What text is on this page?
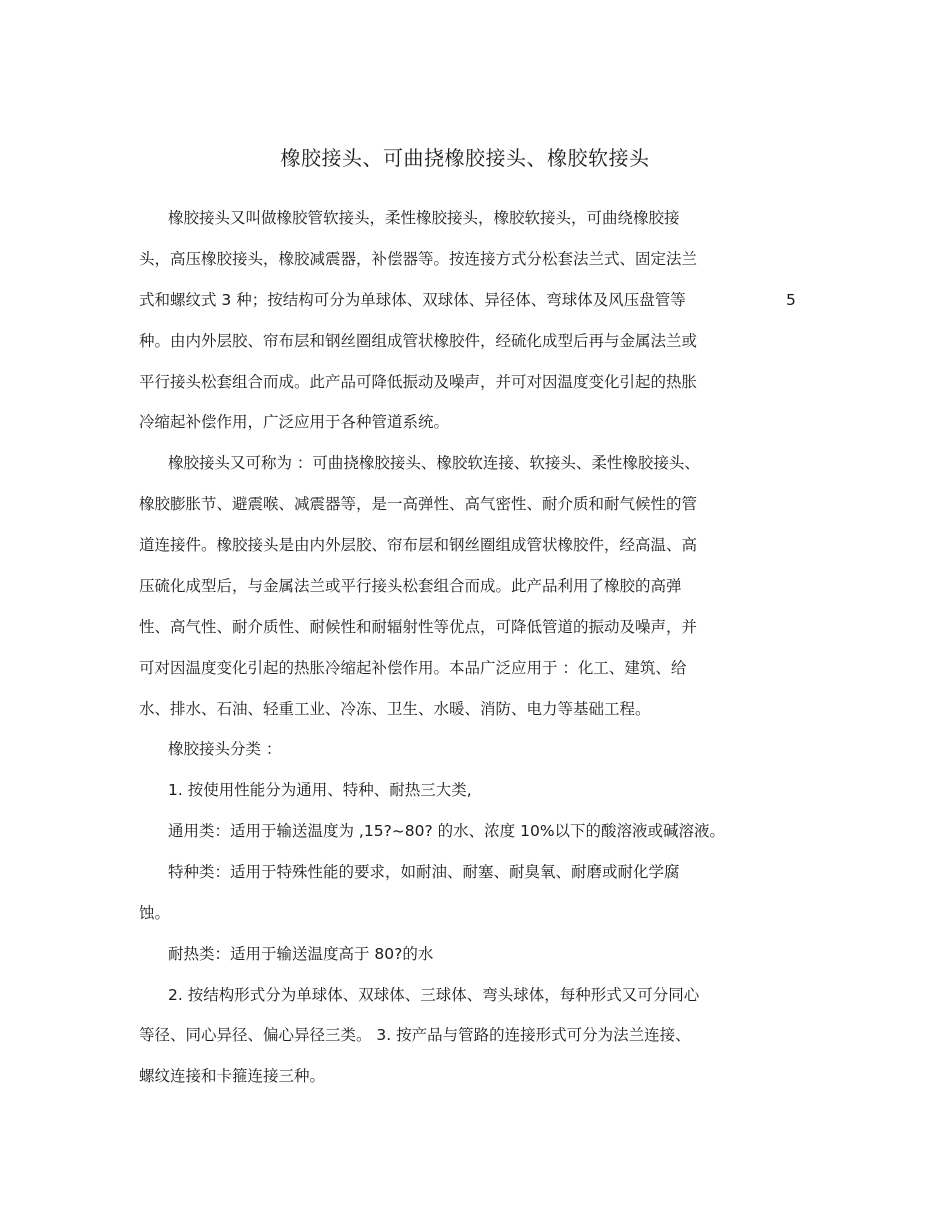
橡胶接头、可曲挠橡胶接头、橡胶软接头
橡胶接头又叫做橡胶管软接头，柔性橡胶接头，橡胶软接头，可曲绕橡胶接
头，高压橡胶接头，橡胶减震器，补偿器等。按连接方式分松套法兰式、固定法兰
式和螺纹式 3 种；按结构可分为单球体、双球体、异径体、弯球体及风压盘管等	5
种。由内外层胶、帘布层和钢丝圈组成管状橡胶件，经硫化成型后再与金属法兰或
平行接头松套组合而成。此产品可降低振动及噪声，并可对因温度变化引起的热胀
冷缩起补偿作用，广泛应用于各种管道系统。
橡胶接头又可称为 ：可曲挠橡胶接头、橡胶软连接、软接头、柔性橡胶接头、
橡胶膨胀节、避震喉、减震器等，是一高弹性、高气密性、耐介质和耐气候性的管
道连接件。橡胶接头是由内外层胶、帘布层和钢丝圈组成管状橡胶件，经高温、高
压硫化成型后，与金属法兰或平行接头松套组合而成。此产品利用了橡胶的高弹
性、高气性、耐介质性、耐候性和耐辐射性等优点，可降低管道的振动及噪声，并
可对因温度变化引起的热胀冷缩起补偿作用。本品广泛应用于 ：化工、建筑、给
水、排水、石油、轻重工业、冷冻、卫生、水暖、消防、电力等基础工程。
橡胶接头分类 ：
1. 按使用性能分为通用、特种、耐热三大类,
通用类：适用于输送温度为 ,15?~80? 的水、浓度 10%以下的酸溶液或碱溶液。
特种类：适用于特殊性能的要求，如耐油、耐塞、耐臭氧、耐磨或耐化学腐
蚀。
耐热类：适用于输送温度高于 80?的水
2. 按结构形式分为单球体、双球体、三球体、弯头球体，每种形式又可分同心
等径、同心异径、偏心异径三类。 3. 按产品与管路的连接形式可分为法兰连接、
螺纹连接和卡箍连接三种。
